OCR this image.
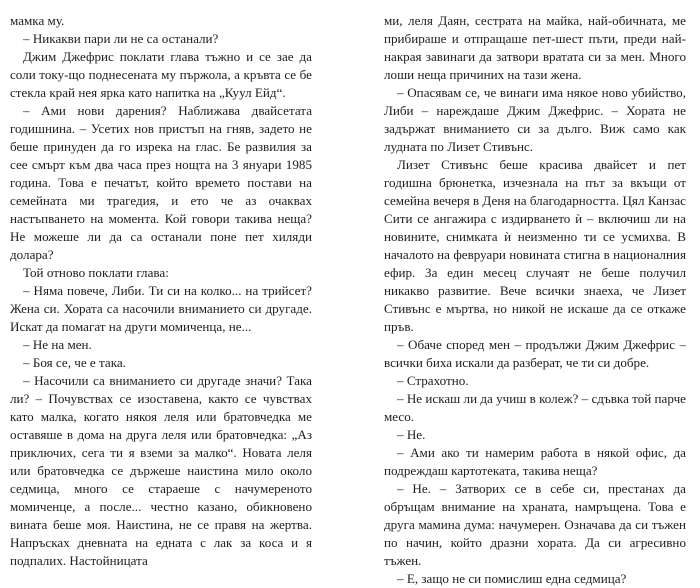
мамка му.

– Никакви пари ли не са останали?

Джим Джефрис поклати глава тъжно и се зае да соли току-що поднесената му пържола, а кръвта се бе стекла край нея ярка като напитка на „Куул Ейд“.

– Ами нови дарения? Наближава двайсетата годишнина. – Усетих нов пристъп на гняв, задето не беше принуден да го изрека на глас. Бе развилия за сее смърт към два часа през нощта на 3 януари 1985 година. Това е печатът, който времето постави на семейната ми трагедия, и ето че аз очаквах настъпването на момента. Кой говори такива неща? Не можеше ли да са останали поне пет хиляди долара?

Той отново поклати глава:

– Няма повече, Либи. Ти си на колко... на трийсет? Жена си. Хората са насочили вниманието си другаде. Искат да помагат на други момиченца, не...

– Не на мен.

– Боя се, че е така.

– Насочили са вниманието си другаде значи? Така ли? – Почувствах се изоставена, както се чувствах като малка, когато някоя леля или братовчедка ме оставяше в дома на друга леля или братовчедка: „Аз приключих, сега ти я вземи за малко“. Новата леля или братовчедка се държеше наистина мило около седмица, много се стараеше с начумереното момиченце, а после... честно казано, обикновено вината беше моя. Наистина, не се правя на жертва. Напръсках дневната на едната с лак за коса и я подпалих. Настойницата

ми, леля Даян, сестрата на майка, най-обичната, ме прибираше и отпращаше пет-шест пъти, преди най-накрая завинаги да затвори вратата си за мен. Много лоши неща причиних на тази жена.

– Опасявам се, че винаги има някое ново убийство, Либи – нареждаше Джим Джефрис. – Хората не задържат вниманието си за дълго. Виж само как лудната по Лизет Стивънс.

Лизет Стивънс беше красива двайсет и пет годишна брюнетка, изчезнала на път за вкъщи от семейна вечеря в Деня на благодарността. Цял Канзас Сити се ангажира с издирването ѝ – включиш ли на новините, снимката ѝ неизменно ти се усмихва. В началото на февруари новината стигна в националния ефир. За един месец случаят не беше получил никакво развитие. Вече всички знаеха, че Лизет Стивънс е мъртва, но никой не искаше да се откаже пръв.

– Обаче според мен – продължи Джим Джефрис – всички биха искали да разберат, че ти си добре.

– Страхотно.

– Не искаш ли да учиш в колеж? – сдъвка той парче месо.

– Не.

– Ами ако ти намерим работа в някой офис, да подреждаш картотеката, такива неща?

– Не. – Затворих се в себе си, престанах да обръщам внимание на храната, намръщена. Това е друга мамина дума: начумерен. Означава да си тъжен по начин, който дразни хората. Да си агресивно тъжен.

– Е, защо не си помислиш една седмица?
